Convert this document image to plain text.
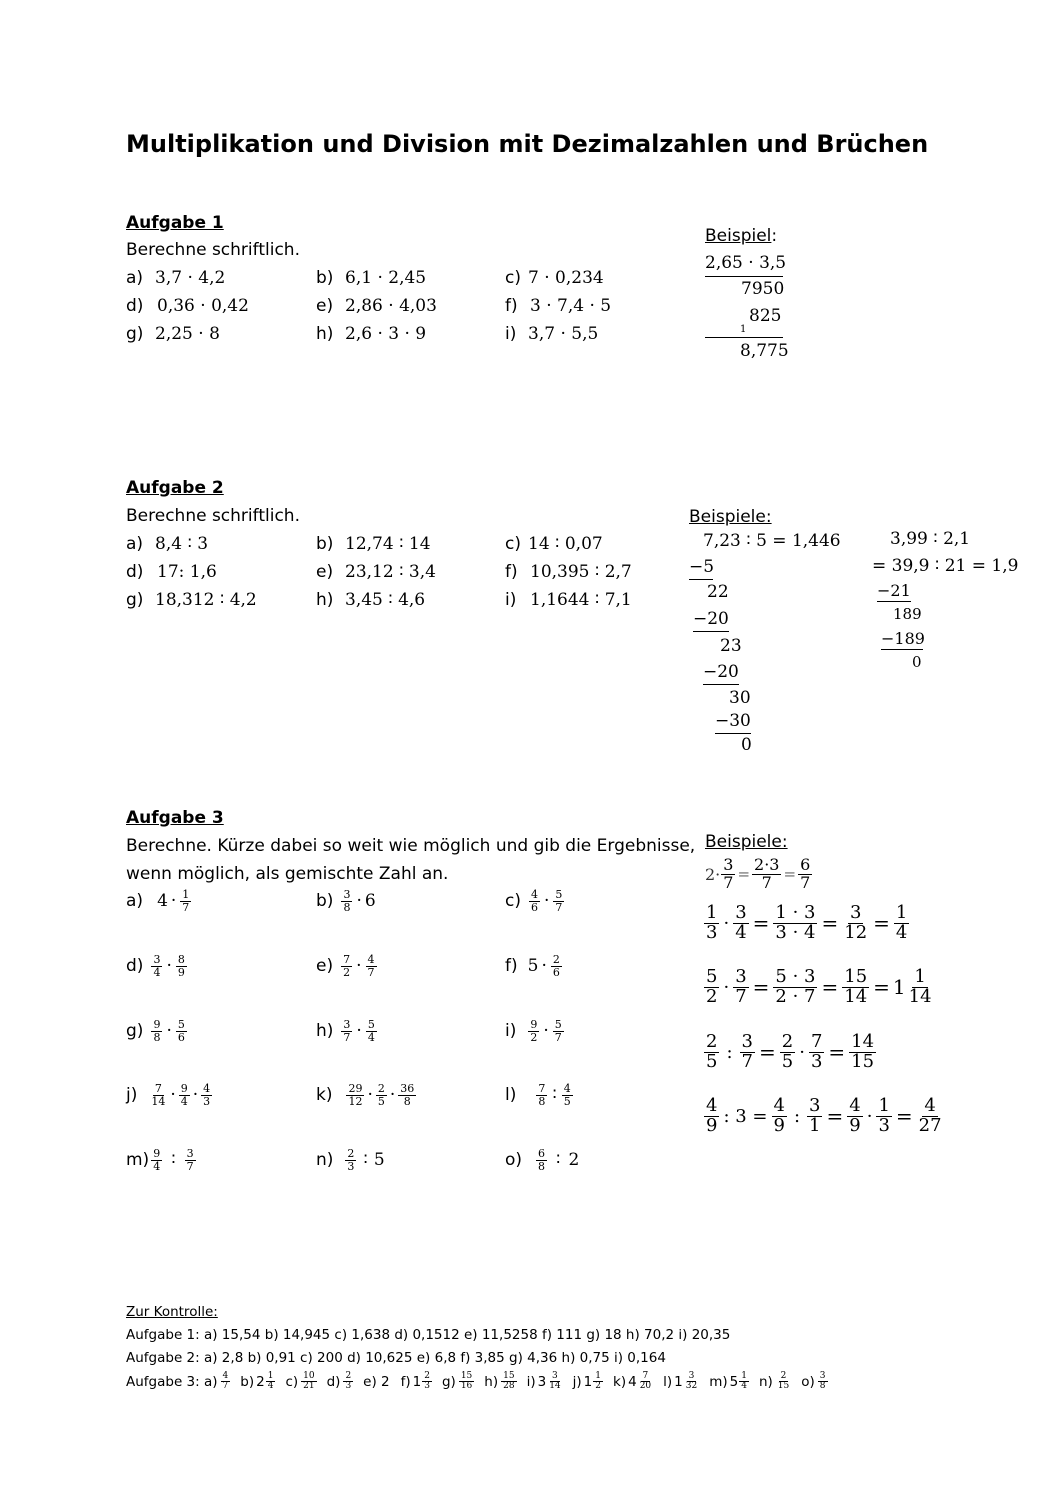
Multiplikation und Division mit Dezimalzahlen und Brüchen
Aufgabe 1
Berechne schriftlich.
a) 3,7 · 4,2	b) 6,1 · 2,45	c) 7 · 0,234
d) 0,36 · 0,42	e) 2,86 · 4,03	f) 3 · 7,4 · 5
g) 2,25 · 8	h) 2,6 · 3 · 9	i) 3,7 · 5,5
Beispiel:
2,65 · 3,5
7950
825
1
8,775
Aufgabe 2
Berechne schriftlich.
a) 8,4 ∶ 3	b) 12,74 ∶ 14	c) 14 ∶ 0,07
d) 17: 1,6	e) 23,12 ∶ 3,4	f) 10,395 ∶ 2,7
g) 18,312 ∶ 4,2	h) 3,45 ∶ 4,6	i) 1,1644 ∶ 7,1
Beispiele:
7,23 ∶ 5 = 1,446
−5
22
−20
23
−20
30
−30
0
3,99 ∶ 2,1
= 39,9 ∶ 21 = 1,9
−21
189
−189
0
Aufgabe 3
Berechne. Kürze dabei so weit wie möglich und gib die Ergebnisse,
wenn möglich, als gemischte Zahl an.
a) $4 \cdot \frac{1}{7}$	$b) \frac{3}{8} \cdot 6$	$c) \frac{4}{6} \cdot \frac{5}{7}$
$d) \frac{3}{4} \cdot \frac{8}{9}$	$e) \frac{7}{2} \cdot \frac{4}{7}$	f) $5 \cdot \frac{2}{6}$
$g) \frac{9}{8} \cdot \frac{5}{6}$	$h) \frac{3}{7} \cdot \frac{5}{4}$	$i) \frac{9}{2} \cdot \frac{5}{7}$
$j) \frac{7}{14} \cdot \frac{9}{4} \cdot \frac{4}{3}$	$k) \frac{29}{12} \cdot \frac{2}{5} \cdot \frac{36}{8}$	$l) \frac{7}{8}$ ∶ $\frac{4}{5}$
$m) \frac{9}{4}$ ∶ $\frac{3}{7}$	$n) \frac{2}{3}$ ∶ 5	$o) \frac{6}{8}$ ∶ 2
Beispiele:
$2\cdot \frac{3}{7} = \frac{2\cdot 3}{7} = \frac{6}{7}$
$\frac{1}{3} \cdot \frac{3}{4} = \frac{1 \cdot 3}{3 \cdot 4} = \frac{3}{12} = \frac{1}{4}$
$\frac{5}{2} \cdot \frac{3}{7} = \frac{5 \cdot 3}{2 \cdot 7} = \frac{15}{14} = 1 \frac{1}{14}$
$\frac{2}{5}$ : $\frac{3}{7} = \frac{2}{5} \cdot \frac{7}{3} = \frac{14}{15}$
$\frac{4}{9}$ : $3 = \frac{4}{9}$ : $\frac{3}{1} = \frac{4}{9} \cdot \frac{1}{3} = \frac{4}{27}$
Zur Kontrolle:
Aufgabe 1: a) 15,54 b) 14,945 c) 1,638 d) 0,1512 e) 11,5258 f) 111 g) 18 h) 70,2 i) 20,35
Aufgabe 2: a) 2,8 b) 0,91 c) 200 d) 10,625 e) 6,8 f) 3,85 g) 4,36 h) 0,75 i) 0,164
Aufgabe 3: $a) \frac{4}{7} b$) $2 \frac{1}{4} c) \frac{10}{21} d) \frac{2}{3} e$) 2 f) $1 \frac{2}{3} g) \frac{15}{16} h) \frac{15}{28} i$) $3 \frac{3}{14} j$) $1 \frac{1}{2} k$) $4 \frac{7}{20} l$) $1 \frac{3}{32} m$) $5 \frac{1}{4} n) \frac{2}{15} o) \frac{3}{8}$
